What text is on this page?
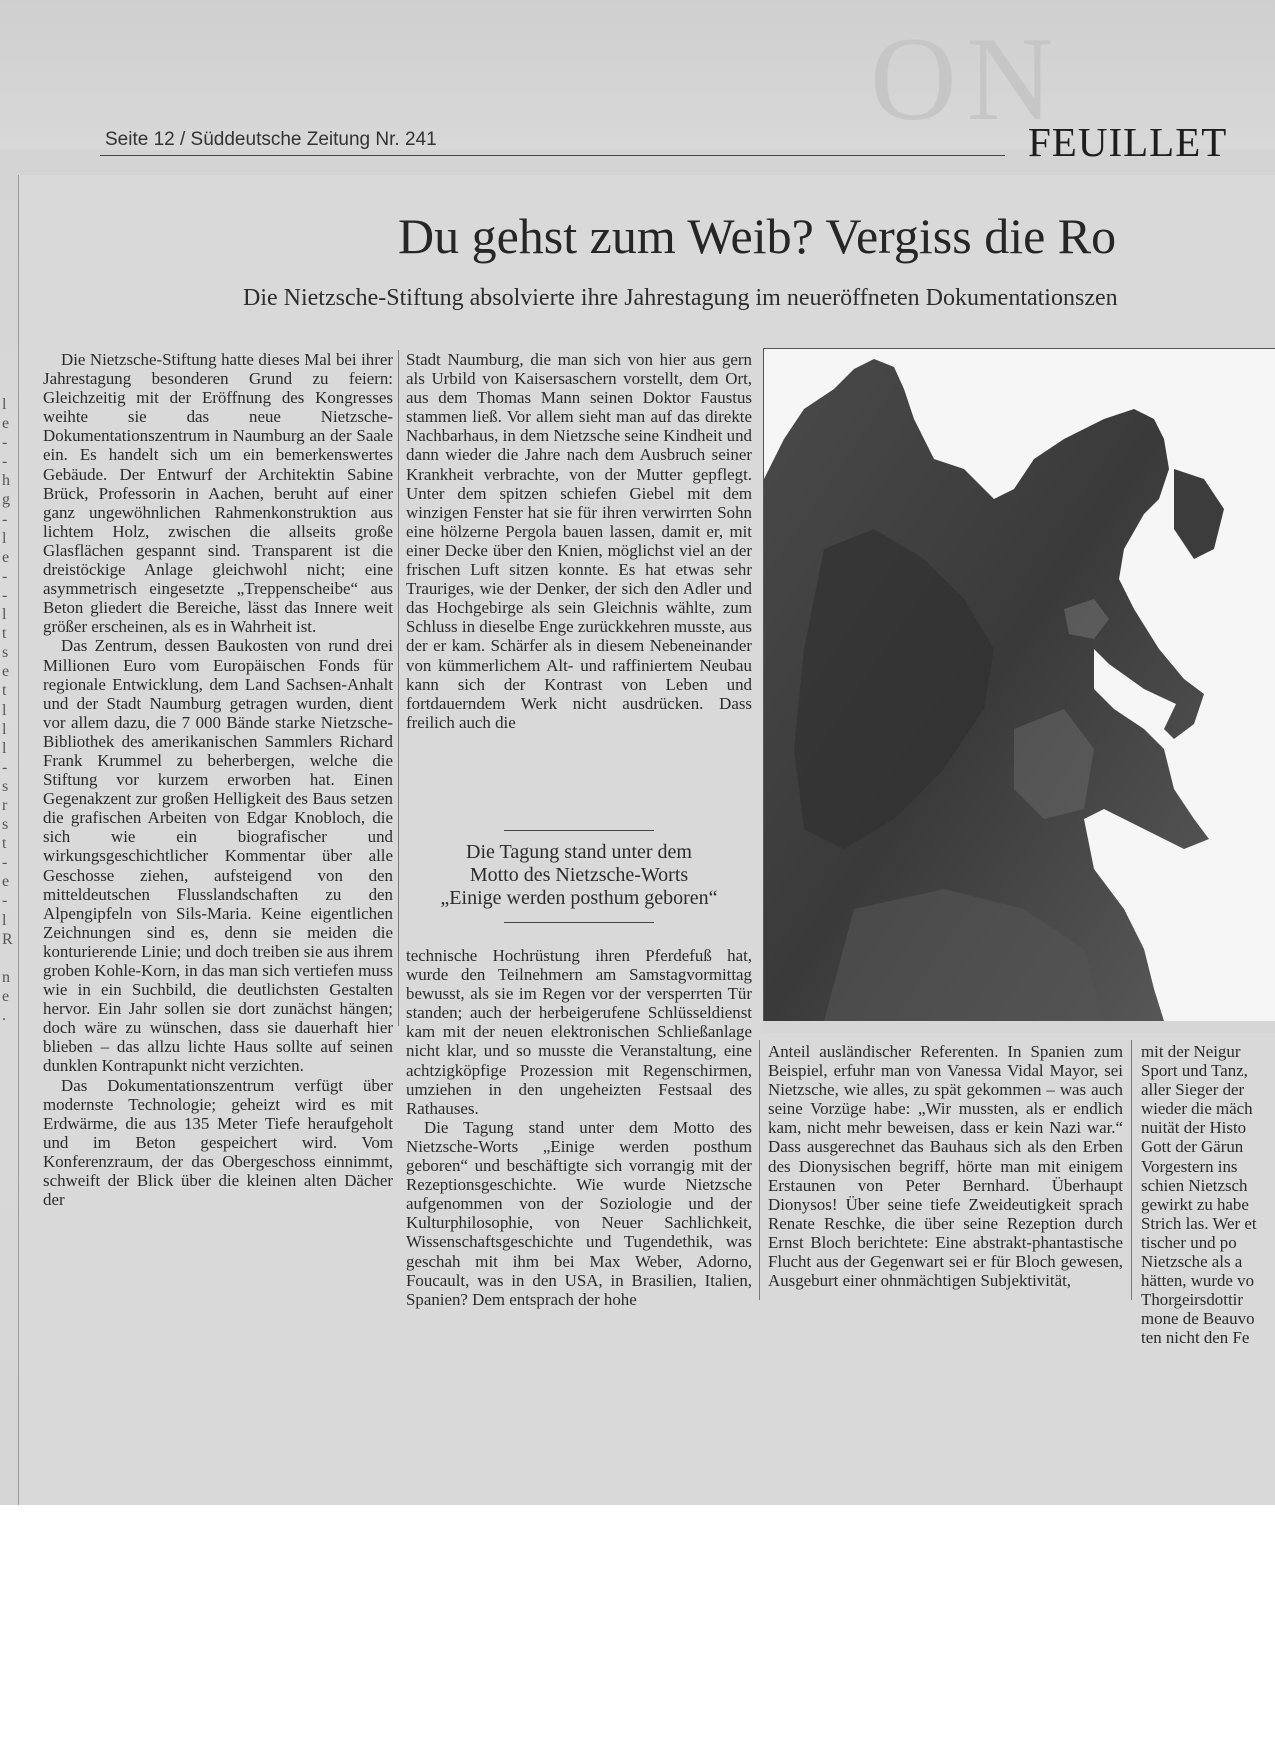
ON
Seite 12 / Süddeutsche Zeitung Nr. 241	FEUILLET
Du gehst zum Weib? Vergiss die Ro
Die Nietzsche-Stiftung absolvierte ihre Jahrestagung im neueröffneten Dokumentationszen
l
e
-
-
h
g
-
l
e
-
-
l
t
s
e
t
l
l
l
-
s
r
s
t
-
e
-
l
R
n
e
.

Die Nietzsche-Stiftung hatte dieses Mal bei ihrer Jahrestagung besonderen Grund zu feiern: Gleichzeitig mit der Eröffnung des Kongresses weihte sie das neue Nietzsche-Dokumentationszentrum in Naumburg an der Saale ein. Es handelt sich um ein bemerkenswertes Gebäude. Der Entwurf der Architektin Sabine Brück, Professorin in Aachen, beruht auf einer ganz ungewöhnlichen Rahmenkonstruktion aus lichtem Holz, zwischen die allseits große Glasflächen gespannt sind. Transparent ist die dreistöckige Anlage gleichwohl nicht; eine asymmetrisch eingesetzte „Treppenscheibe“ aus Beton gliedert die Bereiche, lässt das Innere weit größer erscheinen, als es in Wahrheit ist.

Das Zentrum, dessen Baukosten von rund drei Millionen Euro vom Europäischen Fonds für regionale Entwicklung, dem Land Sachsen-Anhalt und der Stadt Naumburg getragen wurden, dient vor allem dazu, die 7 000 Bände starke Nietzsche-Bibliothek des amerikanischen Sammlers Richard Frank Krummel zu beherbergen, welche die Stiftung vor kurzem erworben hat. Einen Gegenakzent zur großen Helligkeit des Baus setzen die grafischen Arbeiten von Edgar Knobloch, die sich wie ein biografischer und wirkungsgeschichtlicher Kommentar über alle Geschosse ziehen, aufsteigend von den mitteldeutschen Flusslandschaften zu den Alpengipfeln von Sils-Maria. Keine eigentlichen Zeichnungen sind es, denn sie meiden die konturierende Linie; und doch treiben sie aus ihrem groben Kohle-Korn, in das man sich vertiefen muss wie in ein Suchbild, die deutlichsten Gestalten hervor. Ein Jahr sollen sie dort zunächst hängen; doch wäre zu wünschen, dass sie dauerhaft hier blieben – das allzu lichte Haus sollte auf seinen dunklen Kontrapunkt nicht verzichten.

Das Dokumentationszentrum verfügt über modernste Technologie; geheizt wird es mit Erdwärme, die aus 135 Meter Tiefe heraufgeholt und im Beton gespeichert wird. Vom Konferenzraum, der das Obergeschoss einnimmt, schweift der Blick über die kleinen alten Dächer der

Stadt Naumburg, die man sich von hier aus gern als Urbild von Kaisersaschern vorstellt, dem Ort, aus dem Thomas Mann seinen Doktor Faustus stammen ließ. Vor allem sieht man auf das direkte Nachbarhaus, in dem Nietzsche seine Kindheit und dann wieder die Jahre nach dem Ausbruch seiner Krankheit verbrachte, von der Mutter gepflegt. Unter dem spitzen schiefen Giebel mit dem winzigen Fenster hat sie für ihren verwirrten Sohn eine hölzerne Pergola bauen lassen, damit er, mit einer Decke über den Knien, möglichst viel an der frischen Luft sitzen konnte. Es hat etwas sehr Trauriges, wie der Denker, der sich den Adler und das Hochgebirge als sein Gleichnis wählte, zum Schluss in dieselbe Enge zurückkehren musste, aus der er kam. Schärfer als in diesem Nebeneinander von kümmerlichem Alt- und raffiniertem Neubau kann sich der Kontrast von Leben und fortdauerndem Werk nicht ausdrücken. Dass freilich auch die

Die Tagung stand unter dem
Motto des Nietzsche-Worts
„Einige werden posthum geboren“

technische Hochrüstung ihren Pferdefuß hat, wurde den Teilnehmern am Samstagvormittag bewusst, als sie im Regen vor der versperrten Tür standen; auch der herbeigerufene Schlüsseldienst kam mit der neuen elektronischen Schließanlage nicht klar, und so musste die Veranstaltung, eine achtzigköpfige Prozession mit Regenschirmen, umziehen in den ungeheizten Festsaal des Rathauses.

Die Tagung stand unter dem Motto des Nietzsche-Worts „Einige werden posthum geboren“ und beschäftigte sich vorrangig mit der Rezeptionsgeschichte. Wie wurde Nietzsche aufgenommen von der Soziologie und der Kulturphilosophie, von Neuer Sachlichkeit, Wissenschaftsgeschichte und Tugendethik, was geschah mit ihm bei Max Weber, Adorno, Foucault, was in den USA, in Brasilien, Italien, Spanien? Dem entsprach der hohe

Anteil ausländischer Referenten. In Spanien zum Beispiel, erfuhr man von Vanessa Vidal Mayor, sei Nietzsche, wie alles, zu spät gekommen – was auch seine Vorzüge habe: „Wir mussten, als er endlich kam, nicht mehr beweisen, dass er kein Nazi war.“ Dass ausgerechnet das Bauhaus sich als den Erben des Dionysischen begriff, hörte man mit einigem Erstaunen von Peter Bernhard. Überhaupt Dionysos! Über seine tiefe Zweideutigkeit sprach Renate Reschke, die über seine Rezeption durch Ernst Bloch berichtete: Eine abstrakt-phantastische Flucht aus der Gegenwart sei er für Bloch gewesen, Ausgeburt einer ohnmächtigen Subjektivität,

mit der Neigur

Sport und Tanz,

aller Sieger der

wieder die mäch

nuität der Histo

Gott der Gärun

Vorgestern ins

schien Nietzsch

gewirkt zu habe

Strich las. Wer et

tischer und po

Nietzsche als a

hätten, wurde vo

Thorgeirsdottir

mone de Beauvo

ten nicht den Fe
